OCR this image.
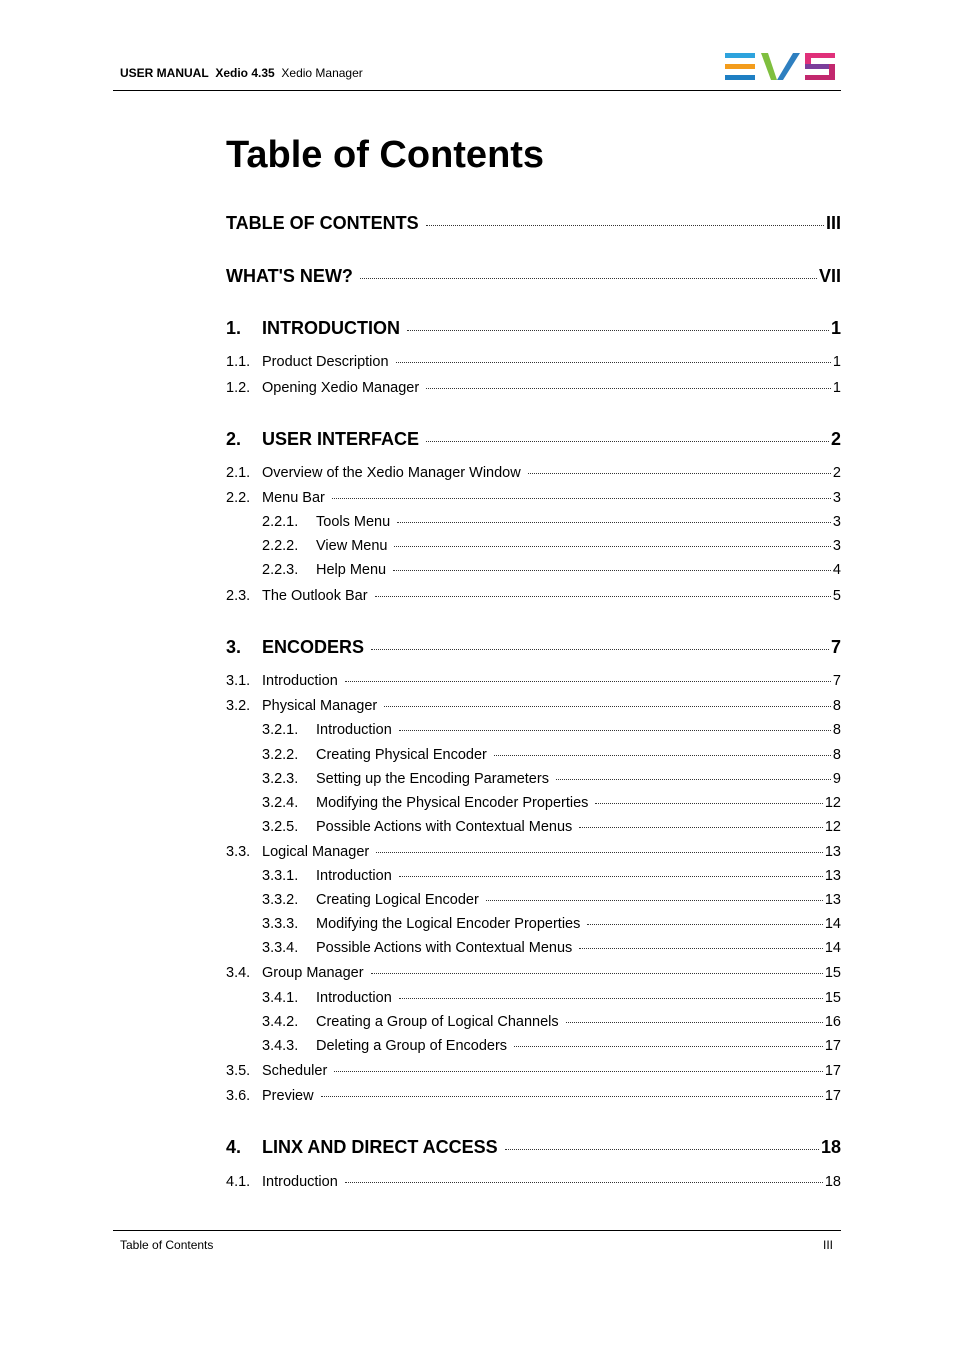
USER MANUAL Xedio 4.35 Xedio Manager
Table of Contents
TABLE OF CONTENTS	III
WHAT'S NEW?	VII
1.	INTRODUCTION	1
1.1. Product Description	1
1.2. Opening Xedio Manager	1
2.	USER INTERFACE	2
2.1. Overview of the Xedio Manager Window	2
2.2. Menu Bar	3
2.2.1.	Tools Menu	3
2.2.2.	View Menu	3
2.2.3.	Help Menu	4
2.3. The Outlook Bar	5
3.	ENCODERS	7
3.1. Introduction	7
3.2. Physical Manager	8
3.2.1.	Introduction	8
3.2.2.	Creating Physical Encoder	8
3.2.3.	Setting up the Encoding Parameters	9
3.2.4.	Modifying the Physical Encoder Properties	12
3.2.5.	Possible Actions with Contextual Menus	12
3.3. Logical Manager	13
3.3.1.	Introduction	13
3.3.2.	Creating Logical Encoder	13
3.3.3.	Modifying the Logical Encoder Properties	14
3.3.4.	Possible Actions with Contextual Menus	14
3.4. Group Manager	15
3.4.1.	Introduction	15
3.4.2.	Creating a Group of Logical Channels	16
3.4.3.	Deleting a Group of Encoders	17
3.5. Scheduler	17
3.6. Preview	17
4.	LINX AND DIRECT ACCESS	18
4.1. Introduction	18
Table of Contents	III
